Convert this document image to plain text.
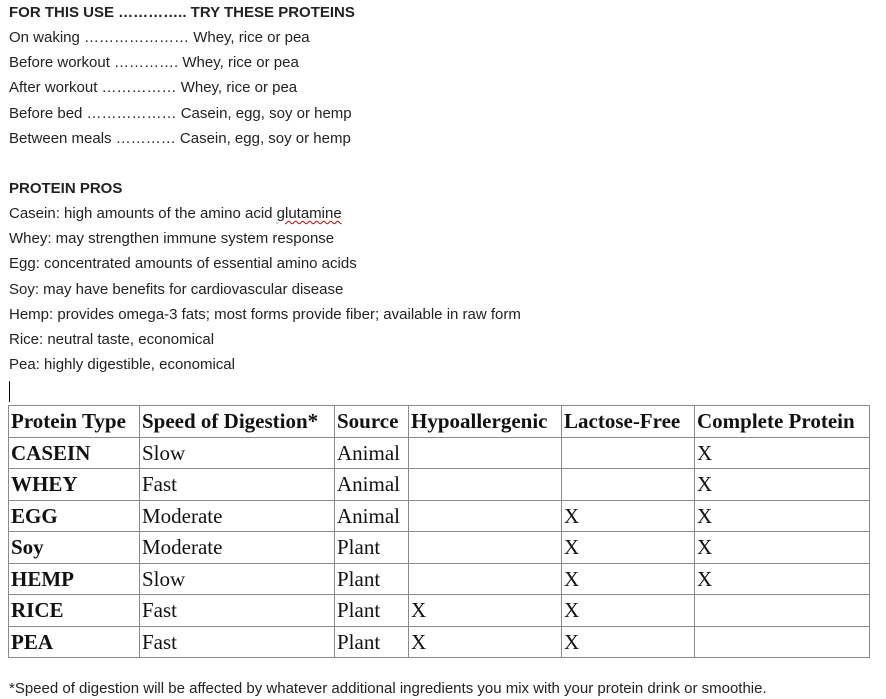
FOR THIS USE ………….. TRY THESE PROTEINS

On waking ………………… Whey, rice or pea

Before workout …………. Whey, rice or pea

After workout …………… Whey, rice or pea

Before bed ……………… Casein, egg, soy or hemp

Between meals ………… Casein, egg, soy or hemp

PROTEIN PROS

Casein: high amounts of the amino acid glutamine

Whey: may strengthen immune system response

Egg: concentrated amounts of essential amino acids

Soy: may have benefits for cardiovascular disease

Hemp: provides omega-3 fats; most forms provide fiber; available in raw form

Rice: neutral taste, economical

Pea: highly digestible, economical

Protein Type	Speed of Digestion*	Source	Hypoallergenic	Lactose-Free	Complete Protein
CASEIN	Slow	Animal			X
WHEY	Fast	Animal			X
EGG	Moderate	Animal		X	X
Soy	Moderate	Plant		X	X
HEMP	Slow	Plant		X	X
RICE	Fast	Plant	X	X	
PEA	Fast	Plant	X	X	

*Speed of digestion will be affected by whatever additional ingredients you mix with your protein drink or smoothie.
